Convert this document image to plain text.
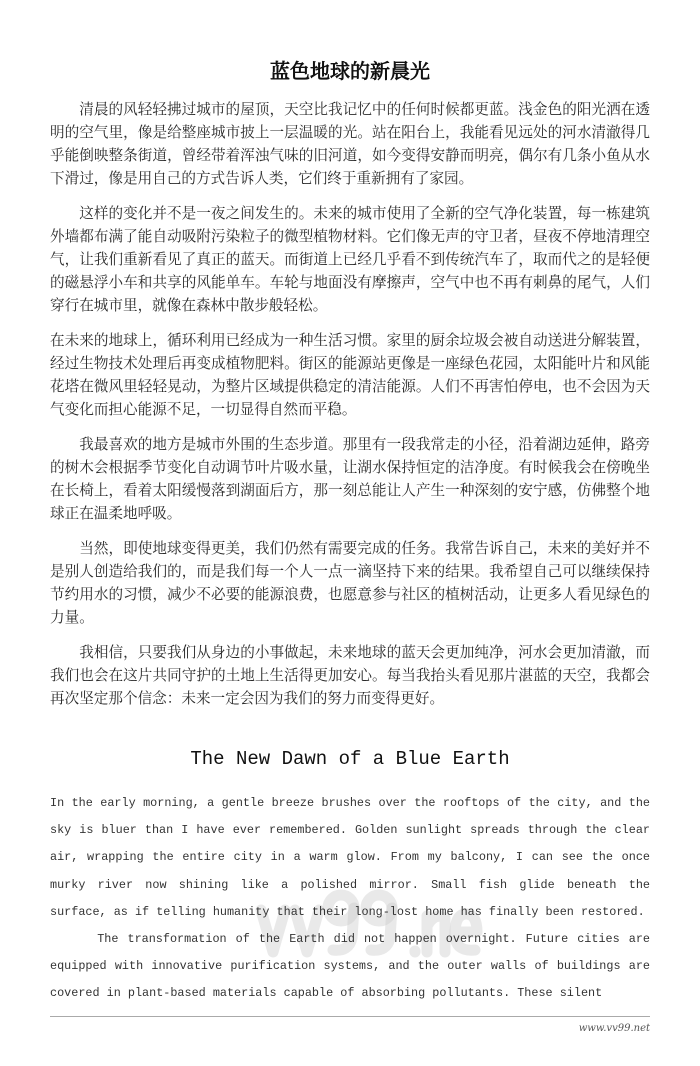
蓝色地球的新晨光

清晨的风轻轻拂过城市的屋顶，天空比我记忆中的任何时候都更蓝。浅金色的阳光洒在透明的空气里，像是给整座城市披上一层温暖的光。站在阳台上，我能看见远处的河水清澈得几乎能倒映整条街道，曾经带着浑浊气味的旧河道，如今变得安静而明亮，偶尔有几条小鱼从水下滑过，像是用自己的方式告诉人类，它们终于重新拥有了家园。

这样的变化并不是一夜之间发生的。未来的城市使用了全新的空气净化装置，每一栋建筑外墙都布满了能自动吸附污染粒子的微型植物材料。它们像无声的守卫者，昼夜不停地清理空气，让我们重新看见了真正的蓝天。而街道上已经几乎看不到传统汽车了，取而代之的是轻便的磁悬浮小车和共享的风能单车。车轮与地面没有摩擦声，空气中也不再有刺鼻的尾气，人们穿行在城市里，就像在森林中散步般轻松。

在未来的地球上，循环利用已经成为一种生活习惯。家里的厨余垃圾会被自动送进分解装置，经过生物技术处理后再变成植物肥料。街区的能源站更像是一座绿色花园，太阳能叶片和风能花塔在微风里轻轻晃动，为整片区域提供稳定的清洁能源。人们不再害怕停电，也不会因为天气变化而担心能源不足，一切显得自然而平稳。

我最喜欢的地方是城市外围的生态步道。那里有一段我常走的小径，沿着湖边延伸，路旁的树木会根据季节变化自动调节叶片吸水量，让湖水保持恒定的洁净度。有时候我会在傍晚坐在长椅上，看着太阳缓慢落到湖面后方，那一刻总能让人产生一种深刻的安宁感，仿佛整个地球正在温柔地呼吸。

当然，即使地球变得更美，我们仍然有需要完成的任务。我常告诉自己，未来的美好并不是别人创造给我们的，而是我们每一个人一点一滴坚持下来的结果。我希望自己可以继续保持节约用水的习惯，减少不必要的能源浪费，也愿意参与社区的植树活动，让更多人看见绿色的力量。

我相信，只要我们从身边的小事做起，未来地球的蓝天会更加纯净，河水会更加清澈，而我们也会在这片共同守护的土地上生活得更加安心。每当我抬头看见那片湛蓝的天空，我都会再次坚定那个信念：未来一定会因为我们的努力而变得更好。

The New Dawn of a Blue Earth

In the early morning, a gentle breeze brushes over the rooftops of the city, and the sky is bluer than I have ever remembered. Golden sunlight spreads through the clear air, wrapping the entire city in a warm glow. From my balcony, I can see the once murky river now shining like a polished mirror. Small fish glide beneath the surface, as if telling humanity that their long-lost home has finally been restored.

The transformation of the Earth did not happen overnight. Future cities are equipped with innovative purification systems, and the outer walls of buildings are covered in plant-based materials capable of absorbing pollutants. These silent

www.vv99.net
